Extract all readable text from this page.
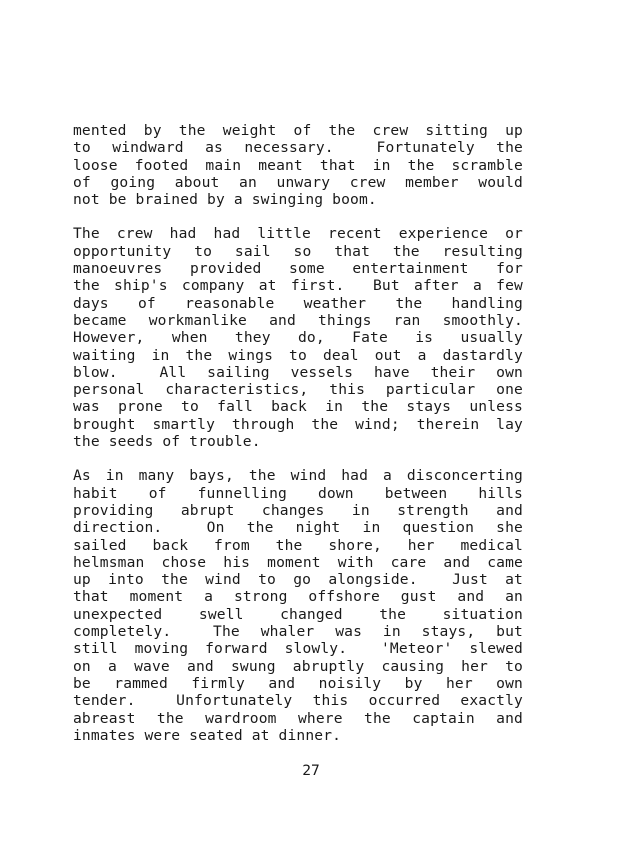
mented by the weight of the crew sitting up
to windward as necessary.  Fortunately the
loose footed main meant that in the scramble
of going about an unwary crew member would
not be brained by a swinging boom.
The crew had had little recent experience or
opportunity to sail so that the resulting
manoeuvres provided some entertainment for
the ship's company at first.  But after a few
days of reasonable weather the handling
became workmanlike and things ran smoothly.
However, when they do, Fate is usually
waiting in the wings to deal out a dastardly
blow.  All sailing vessels have their own
personal characteristics, this particular one
was prone to fall back in the stays unless
brought smartly through the wind; therein lay
the seeds of trouble.
As in many bays, the wind had a disconcerting
habit of funnelling down between hills
providing abrupt changes in strength and
direction.  On the night in question she
sailed back from the shore, her medical
helmsman chose his moment with care and came
up into the wind to go alongside.  Just at
that moment a strong offshore gust and an
unexpected swell changed the situation
completely.  The whaler was in stays, but
still moving forward slowly.  'Meteor' slewed
on a wave and swung abruptly causing her to
be rammed firmly and noisily by her own
tender.  Unfortunately this occurred exactly
abreast the wardroom where the captain and
inmates were seated at dinner.
27
